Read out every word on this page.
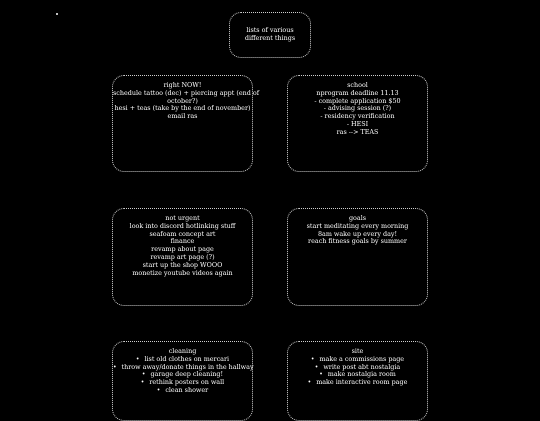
lists of various
different things
right NOW!
schedule tattoo (dec) + piercing appt (end of
october?)
hesi + teas (take by the end of november)
email ras
school
nprogram deadline 11.13
- complete application $50
- advising session (?)
- residency verification
- HESI
ras --> TEAS
not urgent
look into discord hotlinking stuff
seafoam concept art
finance
revamp about page
revamp art page (?)
start up the shop WOOO
monetize youtube videos again
goals
start meditating every morning
8am wake up every day!
reach fitness goals by summer
cleaning
• list old clothes on mercari
• throw away/donate things in the hallway
• garage deep cleaning!
• rethink posters on wall
• clean shower
site
• make a commissions page
• write post abt nostalgia
• make nostalgia room
• make interactive room page
